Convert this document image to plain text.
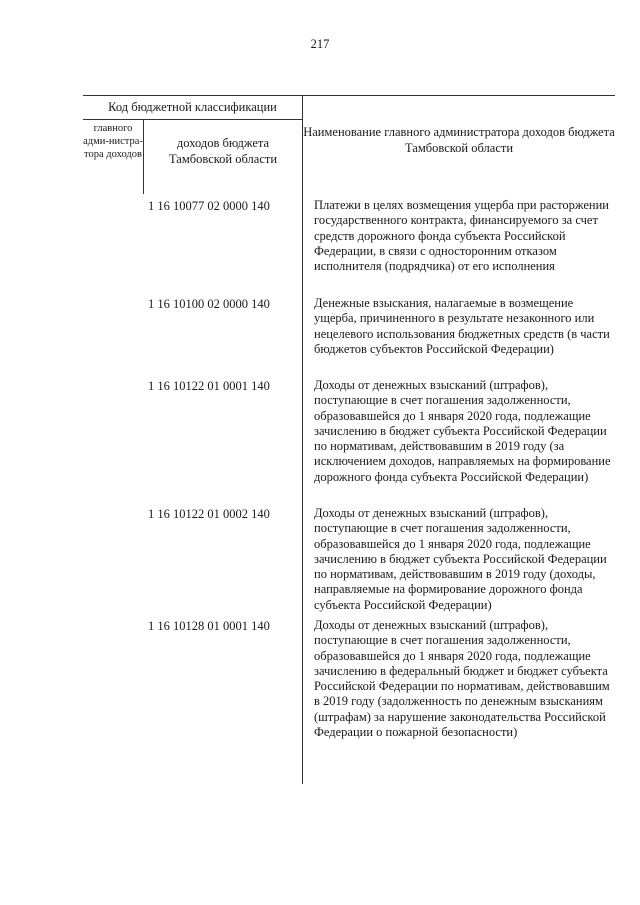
217
Код бюджетной классификации
главного адми-нистра-тора доходов
доходов бюджета Тамбовской области
Наименование главного администратора доходов бюджета Тамбовской области
1 16 10077 02 0000 140	Платежи в целях возмещения ущерба при расторжении государственного контракта, финансируемого за счет средств дорожного фонда субъекта Российской Федерации, в связи с односторонним отказом исполнителя (подрядчика) от его исполнения
1 16 10100 02 0000 140	Денежные взыскания, налагаемые в возмещение ущерба, причиненного в результате незаконного или нецелевого использования бюджетных средств (в части бюджетов субъектов Российской Федерации)
1 16 10122 01 0001 140	Доходы от денежных взысканий (штрафов), поступающие в счет погашения задолженности, образовавшейся до 1 января 2020 года, подлежащие зачислению в бюджет субъекта Российской Федерации по нормативам, действовавшим в 2019 году (за исключением доходов, направляемых на формирование дорожного фонда субъекта Российской Федерации)
1 16 10122 01 0002 140	Доходы от денежных взысканий (штрафов), поступающие в счет погашения задолженности, образовавшейся до 1 января 2020 года, подлежащие зачислению в бюджет субъекта Российской Федерации по нормативам, действовавшим в 2019 году (доходы, направляемые на формирование дорожного фонда субъекта Российской Федерации)
1 16 10128 01 0001 140	Доходы от денежных взысканий (штрафов), поступающие в счет погашения задолженности, образовавшейся до 1 января 2020 года, подлежащие зачислению в федеральный бюджет и бюджет субъекта Российской Федерации по нормативам, действовавшим в 2019 году (задолженность по денежным взысканиям (штрафам) за нарушение законодательства Российской Федерации о пожарной безопасности)
